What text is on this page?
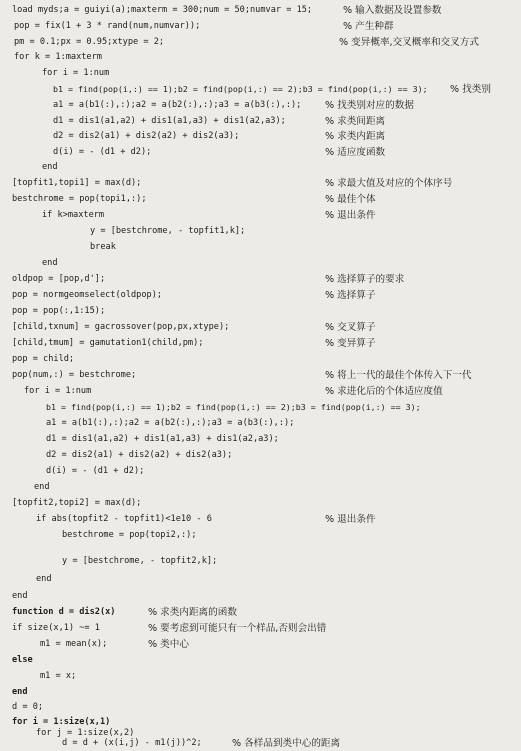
load myds;a = guiyi(a);maxterm = 300;num = 50;numvar = 15;	% 输入数据及设置参数
pop = fix(1 + 3 * rand(num,numvar));	% 产生种群
pm = 0.1;px = 0.95;xtype = 2;	% 变异概率,交叉概率和交叉方式
for k = 1:maxterm
for i = 1:num
b1 = find(pop(i,:) == 1);b2 = find(pop(i,:) == 2);b3 = find(pop(i,:) == 3); % 找类别
a1 = a(b1(:),:);a2 = a(b2(:),:);a3 = a(b3(:),:); % 找类别对应的数据
d1 = dis1(a1,a2) + dis1(a1,a3) + dis1(a2,a3);	% 求类间距离
d2 = dis2(a1) + dis2(a2) + dis2(a3);	% 求类内距离
d(i) = - (d1 + d2);	% 适应度函数
end
[topfit1,topi1] = max(d);	% 求最大值及对应的个体序号
bestchrome = pop(topi1,:);	% 最佳个体
if k>maxterm	% 退出条件
y = [bestchrome, - topfit1,k];
break
end
oldpop = [pop,d'];	% 选择算子的要求
pop = normgeomselect(oldpop);	% 选择算子
pop = pop(:,1:15);
[child,txnum] = gacrossover(pop,px,xtype);	% 交叉算子
[child,tmum] = gamutation1(child,pm);	% 变异算子
pop = child;
pop(num,:) = bestchrome;	% 将上一代的最佳个体传入下一代
for i = 1:num	% 求进化后的个体适应度值
b1 = find(pop(i,:) == 1);b2 = find(pop(i,:) == 2);b3 = find(pop(i,:) == 3);
a1 = a(b1(:),:);a2 = a(b2(:),:);a3 = a(b3(:),:);
d1 = dis1(a1,a2) + dis1(a1,a3) + dis1(a2,a3);
d2 = dis2(a1) + dis2(a2) + dis2(a3);
d(i) = - (d1 + d2);
end
[topfit2,topi2] = max(d);
if abs(topfit2 - topfit1)<1e10 - 6	% 退出条件
bestchrome = pop(topi2,:);
y = [bestchrome, - topfit2,k];
end
end
function d = dis2(x)	% 求类内距离的函数
if size(x,1) ~= 1	% 要考虑到可能只有一个样品,否则会出错
m1 = mean(x);	% 类中心
else
m1 = x;
end
d = 0;
for i = 1:size(x,1)
for j = 1:size(x,2)
d = d + (x(i,j) - m1(j))^2;	% 各样品到类中心的距离
